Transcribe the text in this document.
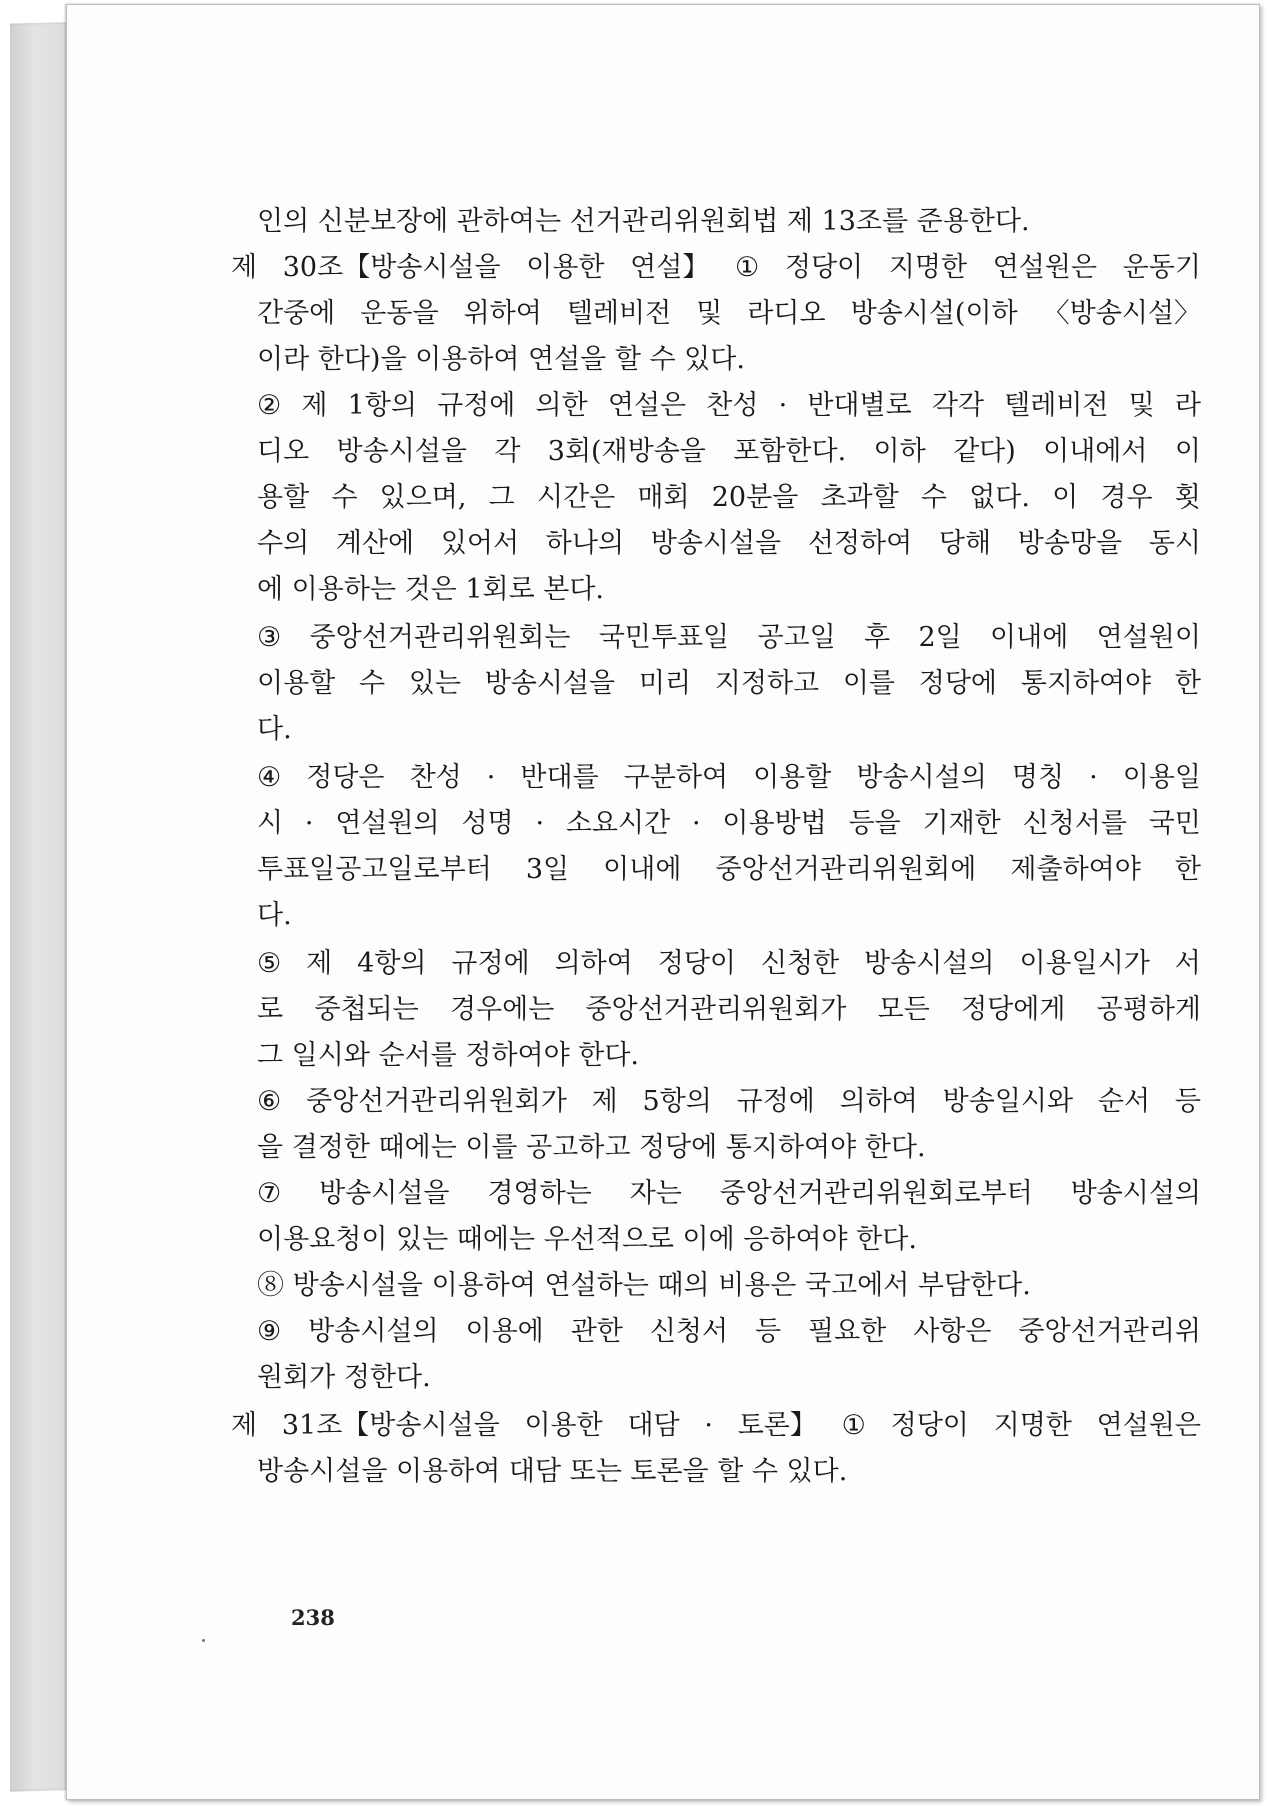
인의 신분보장에 관하여는 선거관리위원회법 제 13조를 준용한다.
제 30조【방송시설을 이용한 연설】 ① 정당이 지명한 연설원은 운동기
간중에 운동을 위하여 텔레비전 및 라디오 방송시설(이하 〈방송시설〉
이라 한다)을 이용하여 연설을 할 수 있다.
② 제 1항의 규정에 의한 연설은 찬성 · 반대별로 각각 텔레비전 및 라
디오 방송시설을 각 3회(재방송을 포함한다. 이하 같다) 이내에서 이
용할 수 있으며, 그 시간은 매회 20분을 초과할 수 없다. 이 경우 횟
수의 계산에 있어서 하나의 방송시설을 선정하여 당해 방송망을 동시
에 이용하는 것은 1회로 본다.
③ 중앙선거관리위원회는 국민투표일 공고일 후 2일 이내에 연설원이
이용할 수 있는 방송시설을 미리 지정하고 이를 정당에 통지하여야 한
다.
④ 정당은 찬성 · 반대를 구분하여 이용할 방송시설의 명칭 · 이용일
시 · 연설원의 성명 · 소요시간 · 이용방법 등을 기재한 신청서를 국민
투표일공고일로부터 3일 이내에 중앙선거관리위원회에 제출하여야 한
다.
⑤ 제 4항의 규정에 의하여 정당이 신청한 방송시설의 이용일시가 서
로 중첩되는 경우에는 중앙선거관리위원회가 모든 정당에게 공평하게
그 일시와 순서를 정하여야 한다.
⑥ 중앙선거관리위원회가 제 5항의 규정에 의하여 방송일시와 순서 등
을 결정한 때에는 이를 공고하고 정당에 통지하여야 한다.
⑦ 방송시설을 경영하는 자는 중앙선거관리위원회로부터 방송시설의
이용요청이 있는 때에는 우선적으로 이에 응하여야 한다.
⑧ 방송시설을 이용하여 연설하는 때의 비용은 국고에서 부담한다.
⑨ 방송시설의 이용에 관한 신청서 등 필요한 사항은 중앙선거관리위
원회가 정한다.
제 31조【방송시설을 이용한 대담 · 토론】 ① 정당이 지명한 연설원은
방송시설을 이용하여 대담 또는 토론을 할 수 있다.
238
